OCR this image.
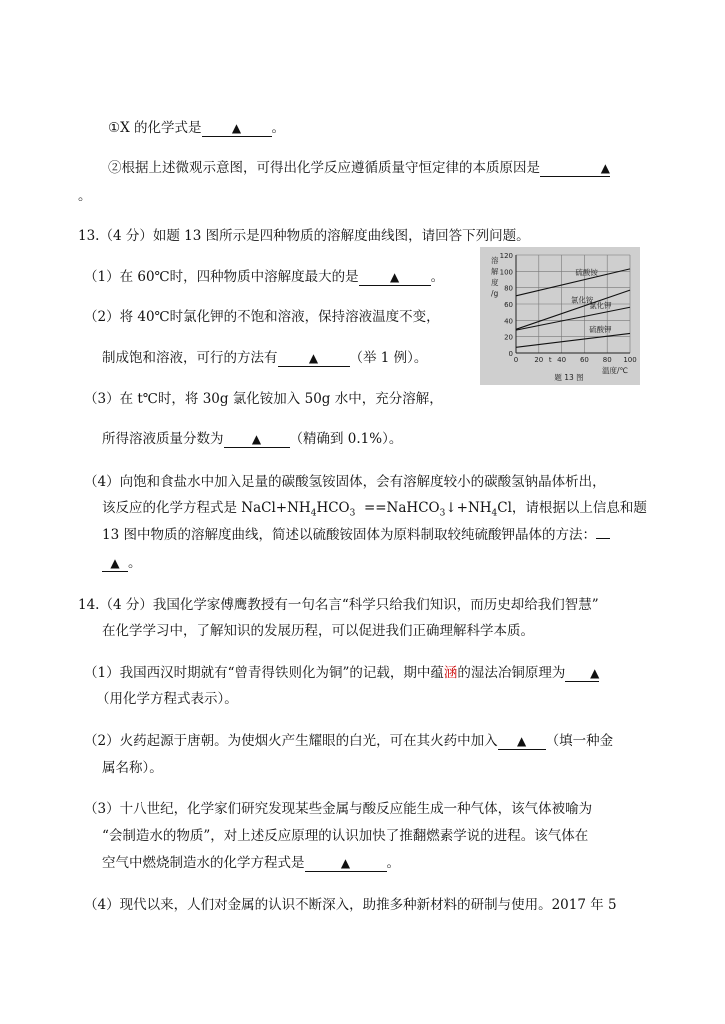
①X 的化学式是	▲ 。
②根据上述微观示意图，可得出化学反应遵循质量守恒定律的本质原因是	▲
。
13.（4 分）如题 13 图所示是四种物质的溶解度曲线图，请回答下列问题。
（1）在 60℃时，四种物质中溶解度最大的是	▲ 。
（2）将 40℃时氯化钾的不饱和溶液，保持溶液温度不变，
制成饱和溶液，可行的方法有	▲ （举 1 例）。
（3）在 t℃时，将 30g 氯化铵加入 50g 水中，充分溶解，
所得溶液质量分数为 ▲ （精确到 0.1%）。
（4）向饱和食盐水中加入足量的碳酸氢铵固体，会有溶解度较小的碳酸氢钠晶体析出，
该反应的化学方程式是 $NaCl+NH_4HCO_3$ $==NaHCO_3↓+NH_4Cl$，请根据以上信息和题
13 图中物质的溶解度曲线，简述以硫酸铵固体为原料制取较纯硫酸钾晶体的方法：
▲ 。
0
20
40
60
80
100
120
0 20 t 40 60 80 100
硫酸铵
氯化铵
氯化钾
硫酸钾
溶解度/g
温度/℃
题 13 图
14.（4 分）我国化学家傅鹰教授有一句名言“科学只给我们知识，而历史却给我们智慧”
在化学学习中，了解知识的发展历程，可以促进我们正确理解科学本质。
（1）我国西汉时期就有“曾青得铁则化为铜”的记载，期中蕴涵的湿法冶铜原理为 ▲
（用化学方程式表示）。
（2）火药起源于唐朝。为使烟火产生耀眼的白光，可在其火药中加入 ▲ （填一种金
属名称）。
（3）十八世纪，化学家们研究发现某些金属与酸反应能生成一种气体，该气体被喻为
“会制造水的物质”，对上述反应原理的认识加快了推翻燃素学说的进程。该气体在
空气中燃烧制造水的化学方程式是	▲	。
（4）现代以来，人们对金属的认识不断深入，助推多种新材料的研制与使用。2017 年 5
